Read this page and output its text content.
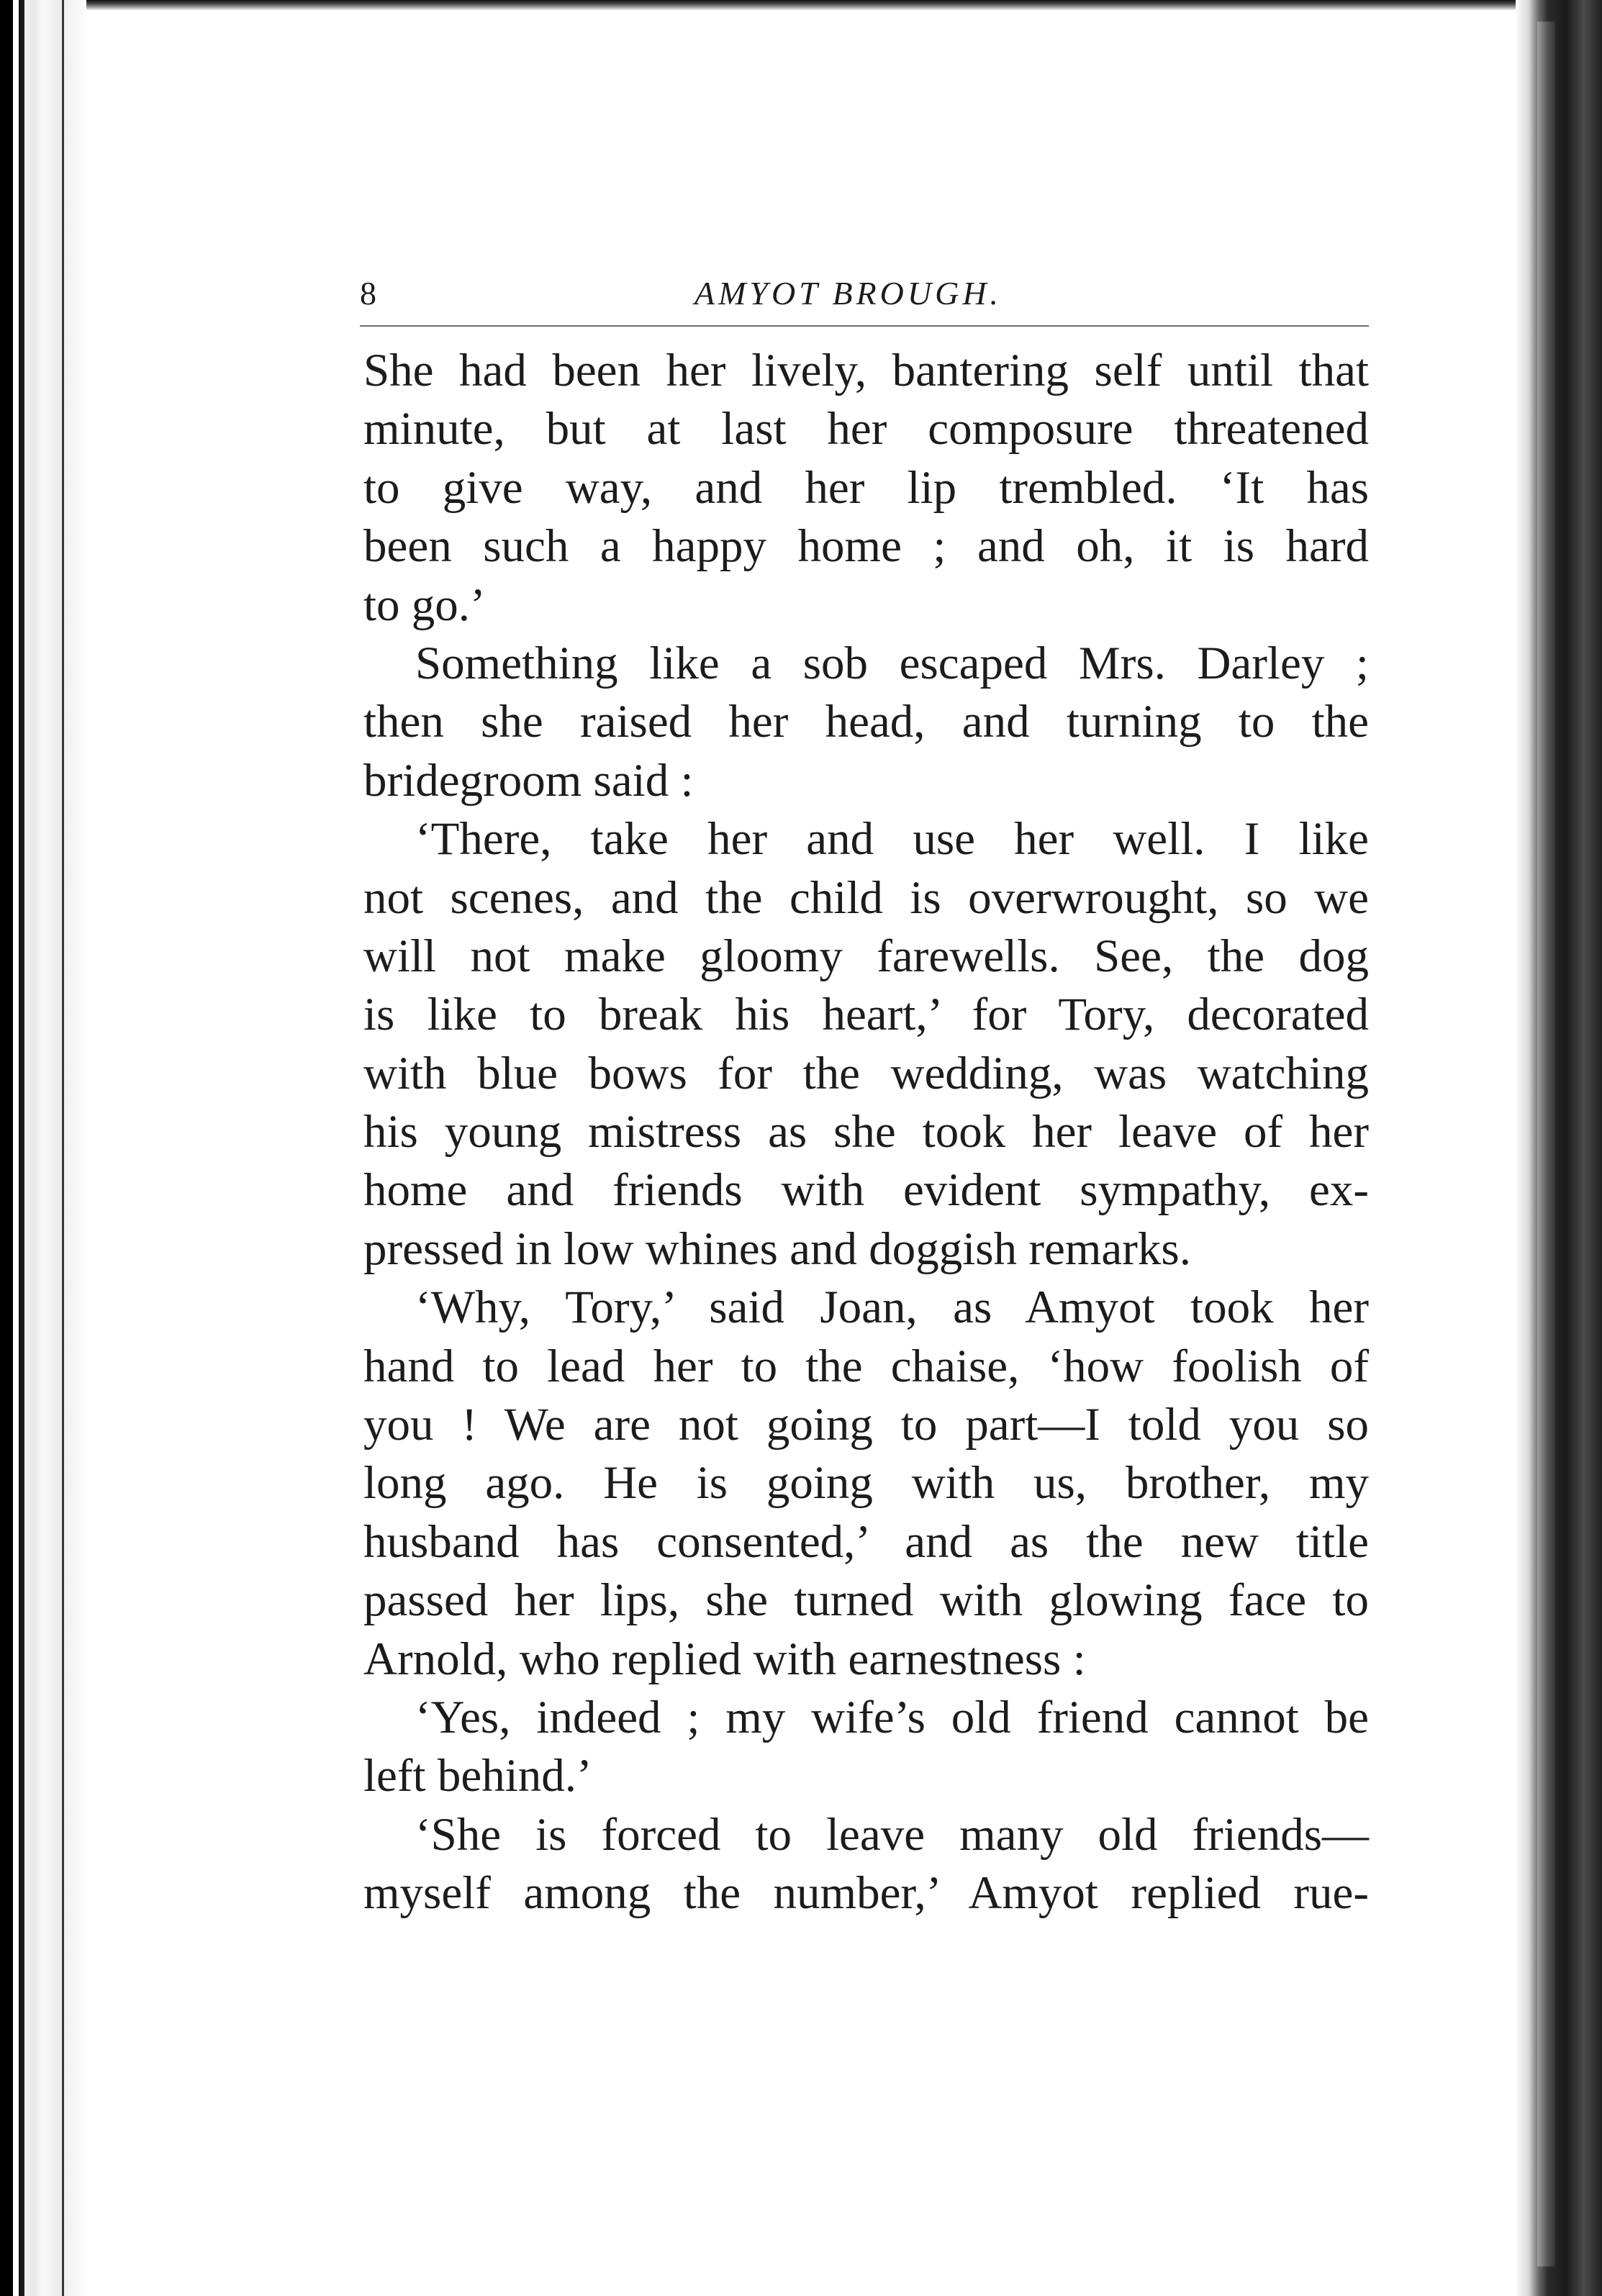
8	AMYOT BROUGH.
She had been her lively, bantering self until that
minute, but at last her composure threatened
to give way, and her lip trembled. ‘It has
been such a happy home ; and oh, it is hard
to go.’
Something like a sob escaped Mrs. Darley ;
then she raised her head, and turning to the
bridegroom said :
‘There, take her and use her well. I like
not scenes, and the child is overwrought, so we
will not make gloomy farewells. See, the dog
is like to break his heart,’ for Tory, decorated
with blue bows for the wedding, was watching
his young mistress as she took her leave of her
home and friends with evident sympathy, ex-
pressed in low whines and doggish remarks.
‘Why, Tory,’ said Joan, as Amyot took her
hand to lead her to the chaise, ‘how foolish of
you ! We are not going to part—I told you so
long ago. He is going with us, brother, my
husband has consented,’ and as the new title
passed her lips, she turned with glowing face to
Arnold, who replied with earnestness :
‘Yes, indeed ; my wife’s old friend cannot be
left behind.’
‘She is forced to leave many old friends—
myself among the number,’ Amyot replied rue-
